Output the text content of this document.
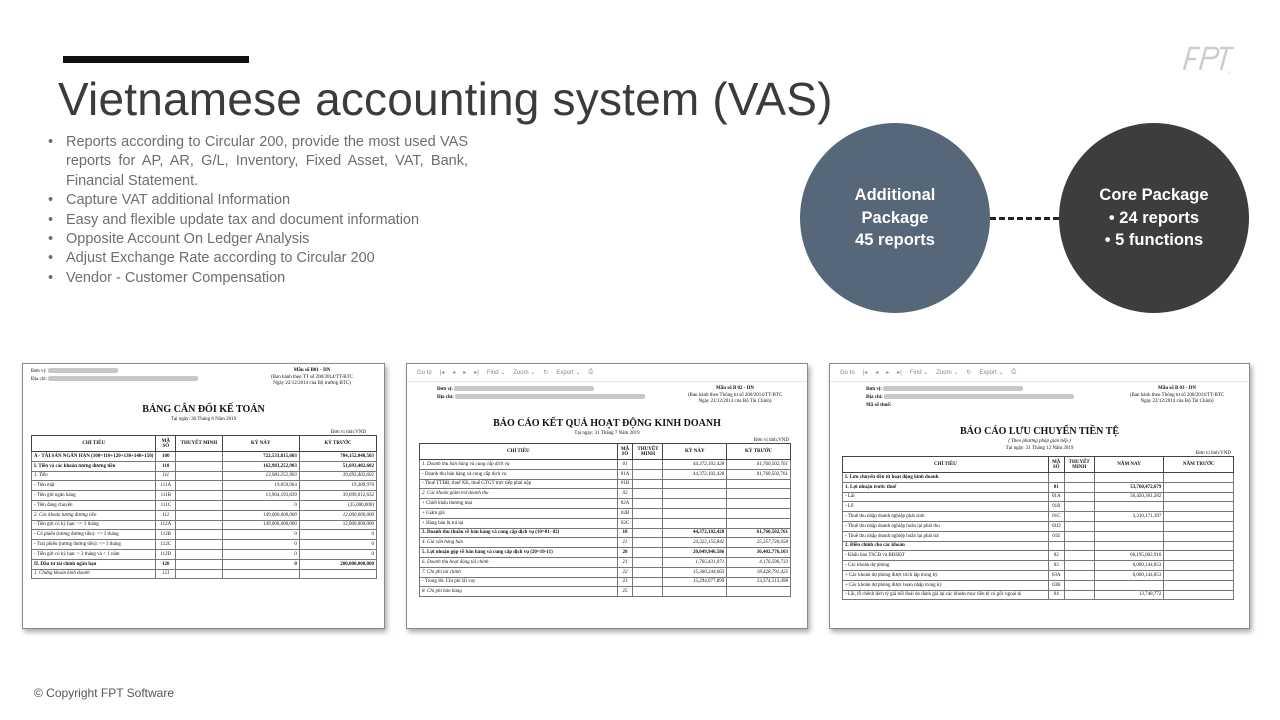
®
Vietnamese accounting system (VAS)
• Reports according to Circular 200, provide the most used VAS reports for AP, AR, G/L, Inventory, Fixed Asset, VAT, Bank, Financial Statement.
• Capture VAT additional Information
• Easy and flexible update tax and document information
• Opposite Account On Ledger Analysis
• Adjust Exchange Rate according to Circular 200
• Vendor - Customer Compensation
Additional
Package
45 reports
Core Package
• 24 reports
• 5 functions
Đơn vị:
Địa chỉ:
Mẫu số B01 - DN
(Ban hành theo TT số 200/2014/TT-BTC
Ngày 22/12/2014 của Bộ trưởng BTC)
BẢNG CÂN ĐỐI KẾ TOÁN
Tại ngày: 30 Tháng 6 Năm 2019
Đơn vị tính:VND
CHỈ TIÊU	MÃ SỐ	THUYẾT MINH	KỲ NÀY	KỲ TRƯỚC
A - TÀI SẢN NGẮN HẠN (100=110+120+130+140+150)	100		722,533,815,603	704,152,040,503
I. Tiền và các khoản tương đương tiền	110		162,983,252,903	51,693,402,602
1. Tiền	111		13,983,252,903	39,693,402,602
- Tiền mặt	111A		19,059,064	19,389,970
- Tiền gửi ngân hàng	111B		13,964,193,839	39,699,012,632
- Tiền đang chuyển	111C		0	(25,000,000)
2. Các khoản tương đương tiền	112		149,000,000,000	12,000,000,000
- Tiền gửi có kỳ hạn: <= 3 tháng	112A		149,000,000,000	12,000,000,000
- Cổ phiếu (tương đương tiền): <= 3 tháng	112B		0	0
- Trái phiếu (tương đương tiền): <= 3 tháng	112C		0	0
- Tiền gửi có kỳ hạn: > 3 tháng và < 1 năm	112D		0	0
II. Đầu tư tài chính ngắn hạn	120		0	200,000,000,000
1. Chứng khoán kinh doanh	121			
Go to |◂ ◂ ▸ ▸| Find ⌄ Zoom ⌄ ↻ Export ⌄ ⎙
Đơn vị:
Địa chỉ:
Mẫu số B 02 - DN
(Ban hành theo Thông tư số 200/2014/TT-BTC
Ngày 22/12/2014 của Bộ Tài Chính)
BÁO CÁO KẾT QUẢ HOẠT ĐỘNG KINH DOANH
Tại ngày: 31 Tháng 7 Năm 2019
Đơn vị tính:VND
CHỈ TIÊU	MÃ SỐ	THUYẾT MINH	KỲ NÀY	KỲ TRƯỚC
1. Doanh thu bán hàng và cung cấp dịch vụ	01		44,372,102,428	61,760,502,761
- Doanh thu bán hàng và cung cấp dịch vụ	01A		44,372,102,428	61,760,502,761
- Thuế TTĐB, thuế XK, thuế GTGT trực tiếp phải nộp	01B			
2. Các khoản giảm trừ doanh thu	02			
+ Chiết khấu thương mại	02A			
+ Giảm giá	02B			
+ Hàng bán bị trả lại	02C			
3. Doanh thu thuần về bán hàng và cung cấp dịch vụ (10=01- 02)	10		44,372,102,428	61,760,502,761
4. Giá vốn hàng bán	11		24,322,155,842	25,357,726,658
5. Lợi nhuận gộp về bán hàng và cung cấp dịch vụ (20=10-11)	20		20,049,946,586	36,402,776,103
6. Doanh thu hoạt động tài chính	21		1,705,431,071	4,176,590,733
7. Chi phí tài chính	22		15,360,244,063	18,428,791,425
- Trong đó: Chi phí lãi vay	23		15,294,077,899	13,374,513,498
8. Chi phí bán hàng	25			
Go to |◂ ◂ ▸ ▸| Find ⌄ Zoom ⌄ ↻ Export ⌄ ⎙
Đơn vị:
Địa chỉ:
Mã số thuế:
Mẫu số B 03 - DN
(Ban hành theo Thông tư số 200/2014/TT-BTC
Ngày 22/12/2014 của Bộ Tài Chính)
BÁO CÁO LƯU CHUYỂN TIỀN TỆ
( Theo phương pháp gián tiếp )
Tại ngày: 31 Tháng 12 Năm 2019
Đơn vị tính:VND
CHỈ TIÊU	MÃ SỐ	THUYẾT MINH	NĂM NAY	NĂM TRƯỚC
I. Lưu chuyển tiền từ hoạt động kinh doanh				
1. Lợi nhuận trước thuế	01		53,760,472,679	
- Lãi	01A		50,450,301,282	
- Lỗ	01B			
- Thuế thu nhập doanh nghiệp phát sinh	01C		3,310,171,397	
- Thuế thu nhập doanh nghiệp hoãn lại phải thu	01D			
- Thuế thu nhập doanh nghiệp hoãn lại phải trả	01E			
2. Điều chỉnh cho các khoản				
- Khấu hao TSCĐ và BĐSĐT	02		66,195,002,916	
- Các khoản dự phòng	03		6,060,144,853	
+ Các khoản dự phòng được trích lập trong kỳ	03A		6,060,144,853	
+ Các khoản dự phòng được hoàn nhập trong kỳ	03B			
- Lãi, lỗ chênh lệch tỷ giá hối đoái do đánh giá lại các khoản mục tiền tệ có gốc ngoại tệ	04		13,748,772	
© Copyright FPT Software
